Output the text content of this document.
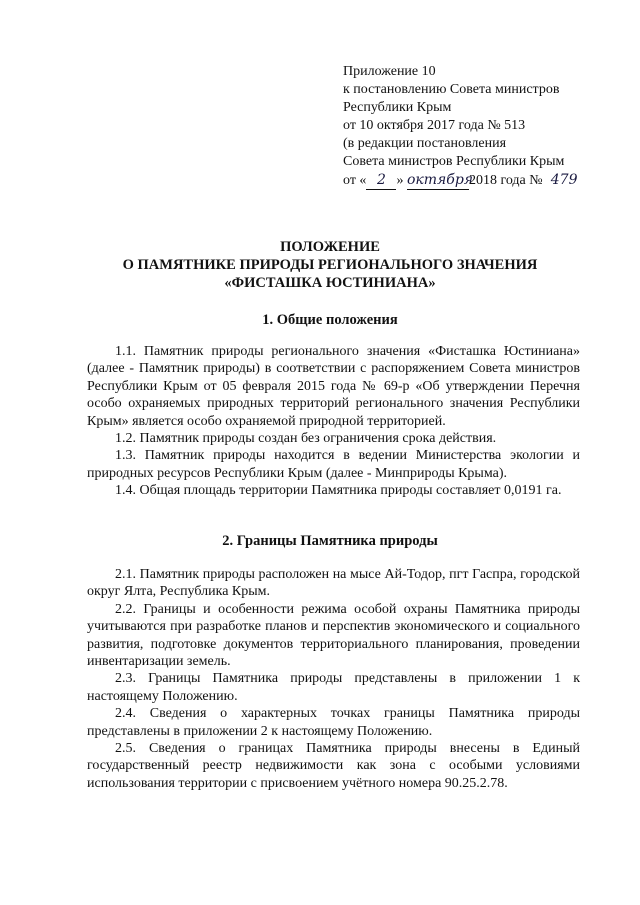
Приложение 10
к постановлению Совета министров
Республики Крым
от 10 октября 2017 года № 513
(в редакции постановления
Совета министров Республики Крым
от « 2 » октября2018 года № 479
ПОЛОЖЕНИЕ
О ПАМЯТНИКЕ ПРИРОДЫ РЕГИОНАЛЬНОГО ЗНАЧЕНИЯ
«ФИСТАШКА ЮСТИНИАНА»
1. Общие положения

1.1. Памятник природы регионального значения «Фисташка Юстиниана» (далее - Памятник природы) в соответствии с распоряжением Совета министров Республики Крым от 05 февраля 2015 года № 69-р «Об утверждении Перечня особо охраняемых природных территорий регионального значения Республики Крым» является особо охраняемой природной территорией.

1.2. Памятник природы создан без ограничения срока действия.

1.3. Памятник природы находится в ведении Министерства экологии и природных ресурсов Республики Крым (далее - Минприроды Крыма).

1.4. Общая площадь территории Памятника природы составляет 0,0191 га.

2. Границы Памятника природы

2.1. Памятник природы расположен на мысе Ай-Тодор, пгт Гаспра, городской округ Ялта, Республика Крым.

2.2. Границы и особенности режима особой охраны Памятника природы учитываются при разработке планов и перспектив экономического и социального развития, подготовке документов территориального планирования, проведении инвентаризации земель.

2.3. Границы Памятника природы представлены в приложении 1 к настоящему Положению.

2.4. Сведения о характерных точках границы Памятника природы представлены в приложении 2 к настоящему Положению.

2.5. Сведения о границах Памятника природы внесены в Единый государственный реестр недвижимости как зона с особыми условиями использования территории с присвоением учётного номера 90.25.2.78.
